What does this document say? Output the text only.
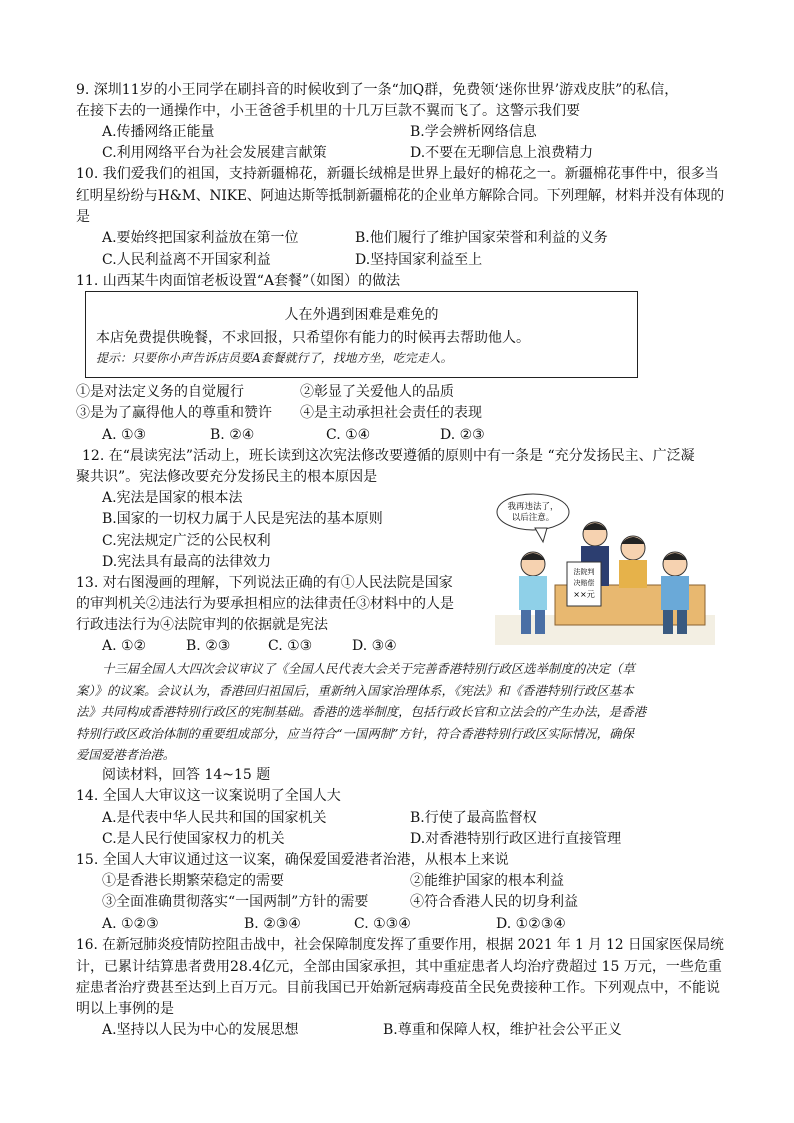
9. 深圳11岁的小王同学在刷抖音的时候收到了一条“加Q群，免费领‘迷你世界’游戏皮肤”的私信，
在接下去的一通操作中，小王爸爸手机里的十几万巨款不翼而飞了。这警示我们要
A.传播网络正能量	B.学会辨析网络信息
C.利用网络平台为社会发展建言献策	D.不要在无聊信息上浪费精力
10. 我们爱我们的祖国，支持新疆棉花，新疆长绒棉是世界上最好的棉花之一。新疆棉花事件中，很多当
红明星纷纷与H&M、NIKE、阿迪达斯等抵制新疆棉花的企业单方解除合同。下列理解，材料并没有体现的
是
A.要始终把国家利益放在第一位	B.他们履行了维护国家荣誉和利益的义务
C.人民利益离不开国家利益	D.坚持国家利益至上
11. 山西某牛肉面馆老板设置“A套餐”（如图）的做法
人在外遇到困难是难免的
本店免费提供晚餐，不求回报，只希望你有能力的时候再去帮助他人。
提示：只要你小声告诉店员要A套餐就行了，找地方坐，吃完走人。
①是对法定义务的自觉履行	②彰显了关爱他人的品质
③是为了赢得他人的尊重和赞许 ④是主动承担社会责任的表现
A. ①③	B. ②④	C. ①④	D. ②③
12. 在“晨读宪法”活动上，班长读到这次宪法修改要遵循的原则中有一条是 “充分发扬民主、广泛凝
聚共识”。宪法修改要充分发扬民主的根本原因是
A.宪法是国家的根本法
B.国家的一切权力属于人民是宪法的基本原则
C.宪法规定广泛的公民权利
D.宪法具有最高的法律效力
13. 对右图漫画的理解，下列说法正确的有①人民法院是国家
的审判机关②违法行为要承担相应的法律责任③材料中的人是
行政违法行为④法院审判的依据就是宪法
A. ①②	B. ②③	C. ①③	D. ③④
我再违法了，
以后注意。
法院判
决赔偿
××元
十三届全国人大四次会议审议了《全国人民代表大会关于完善香港特别行政区选举制度的决定（草
案）》的议案。会议认为，香港回归祖国后，重新纳入国家治理体系，《宪法》和《香港特别行政区基本
法》共同构成香港特别行政区的宪制基础。香港的选举制度，包括行政长官和立法会的产生办法，是香港
特别行政区政治体制的重要组成部分，应当符合“一国两制”方针，符合香港特别行政区实际情况，确保
爱国爱港者治港。
阅读材料，回答 14~15 题
14. 全国人大审议这一议案说明了全国人大
A.是代表中华人民共和国的国家机关	B.行使了最高监督权
C.是人民行使国家权力的机关	D.对香港特别行政区进行直接管理
15. 全国人大审议通过这一议案，确保爱国爱港者治港，从根本上来说
①是香港长期繁荣稳定的需要	②能维护国家的根本利益
③全面准确贯彻落实“一国两制”方针的需要	④符合香港人民的切身利益
A. ①②③	B. ②③④	C. ①③④	D. ①②③④
16. 在新冠肺炎疫情防控阻击战中，社会保障制度发挥了重要作用，根据 2021 年 1 月 12 日国家医保局统
计，已累计结算患者费用28.4亿元，全部由国家承担，其中重症患者人均治疗费超过 15 万元，一些危重
症患者治疗费甚至达到上百万元。目前我国已开始新冠病毒疫苗全民免费接种工作。下列观点中，不能说
明以上事例的是
A.坚持以人民为中心的发展思想	B.尊重和保障人权，维护社会公平正义
